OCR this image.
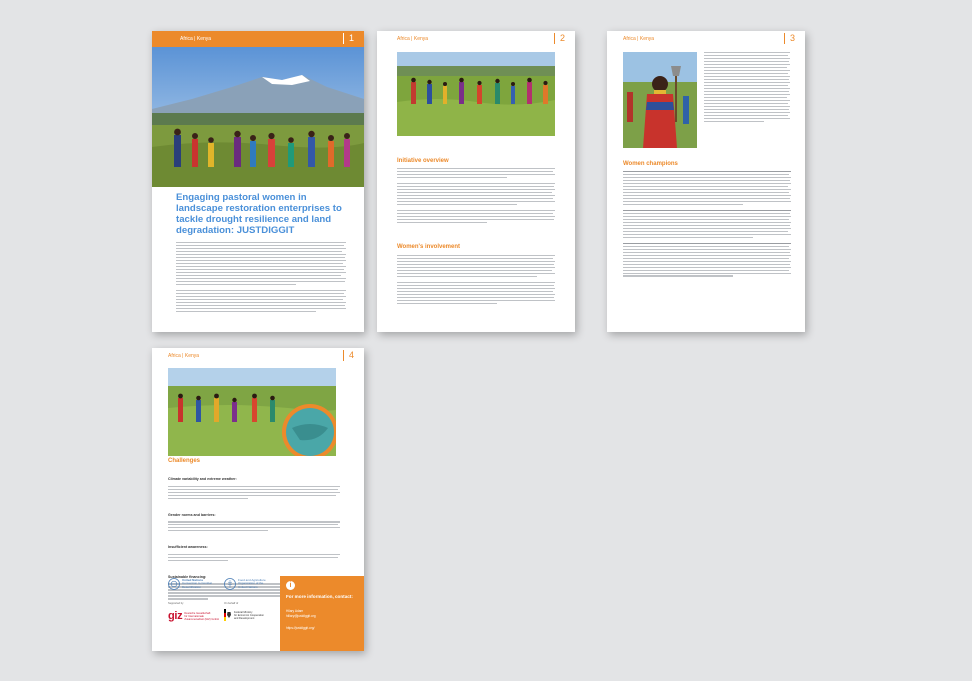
Africa | Kenya	1
Engaging pastoral women in landscape restoration enterprises to tackle drought resilience and land degradation: JUSTDIGGIT
Africa | Kenya	2
Initiative overview
Women's involvement
Africa | Kenya	3
Women champions
Africa | Kenya	4
Challenges
Climate variability and extreme weather:
Gender norms and barriers:
Insufficient awareness:
Sustainable financing:
United Nations
Convention to Combat
Desertification
Food and Agriculture
Organization of the
United Nations
Supported by	On behalf of
giz Deutsche Gesellschaft
für Internationale
Zusammenarbeit (GIZ) GmbH
Federal Ministry
for Economic Cooperation
and Development
i
For more information, contact:
Hilary Adam
hillary@justdiggit.org
https://justdiggit.org/
